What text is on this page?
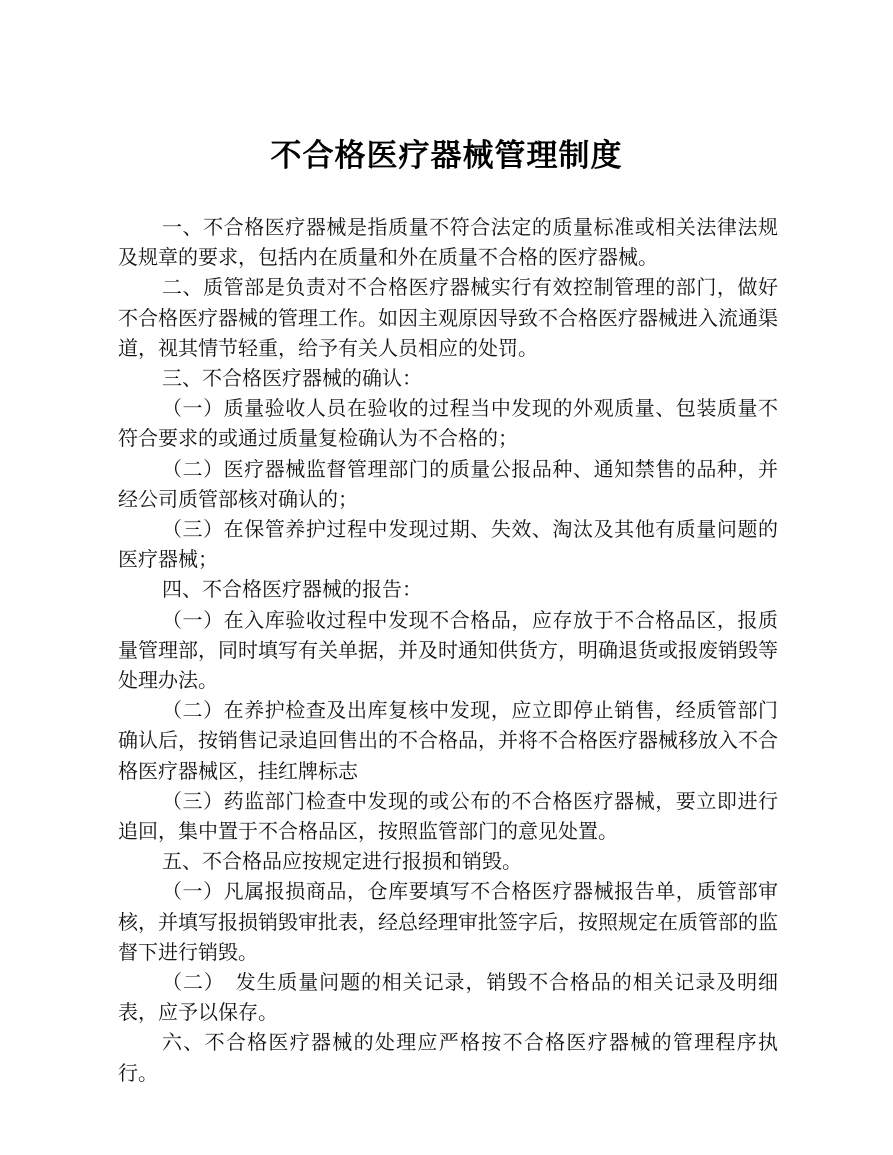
不合格医疗器械管理制度

一、不合格医疗器械是指质量不符合法定的质量标准或相关法律法规及规章的要求，包括内在质量和外在质量不合格的医疗器械。

二、质管部是负责对不合格医疗器械实行有效控制管理的部门，做好不合格医疗器械的管理工作。如因主观原因导致不合格医疗器械进入流通渠道，视其情节轻重，给予有关人员相应的处罚。

三、不合格医疗器械的确认：

（一）质量验收人员在验收的过程当中发现的外观质量、包装质量不符合要求的或通过质量复检确认为不合格的；

（二）医疗器械监督管理部门的质量公报品种、通知禁售的品种，并经公司质管部核对确认的；

（三）在保管养护过程中发现过期、失效、淘汰及其他有质量问题的医疗器械；

四、不合格医疗器械的报告：

（一）在入库验收过程中发现不合格品，应存放于不合格品区，报质量管理部，同时填写有关单据，并及时通知供货方，明确退货或报废销毁等处理办法。

（二）在养护检查及出库复核中发现，应立即停止销售，经质管部门确认后，按销售记录追回售出的不合格品，并将不合格医疗器械移放入不合格医疗器械区，挂红牌标志

（三）药监部门检查中发现的或公布的不合格医疗器械，要立即进行追回，集中置于不合格品区，按照监管部门的意见处置。

五、不合格品应按规定进行报损和销毁。

（一）凡属报损商品，仓库要填写不合格医疗器械报告单，质管部审核，并填写报损销毁审批表，经总经理审批签字后，按照规定在质管部的监督下进行销毁。

（二）　发生质量问题的相关记录，销毁不合格品的相关记录及明细表，应予以保存。

六、不合格医疗器械的处理应严格按不合格医疗器械的管理程序执行。
